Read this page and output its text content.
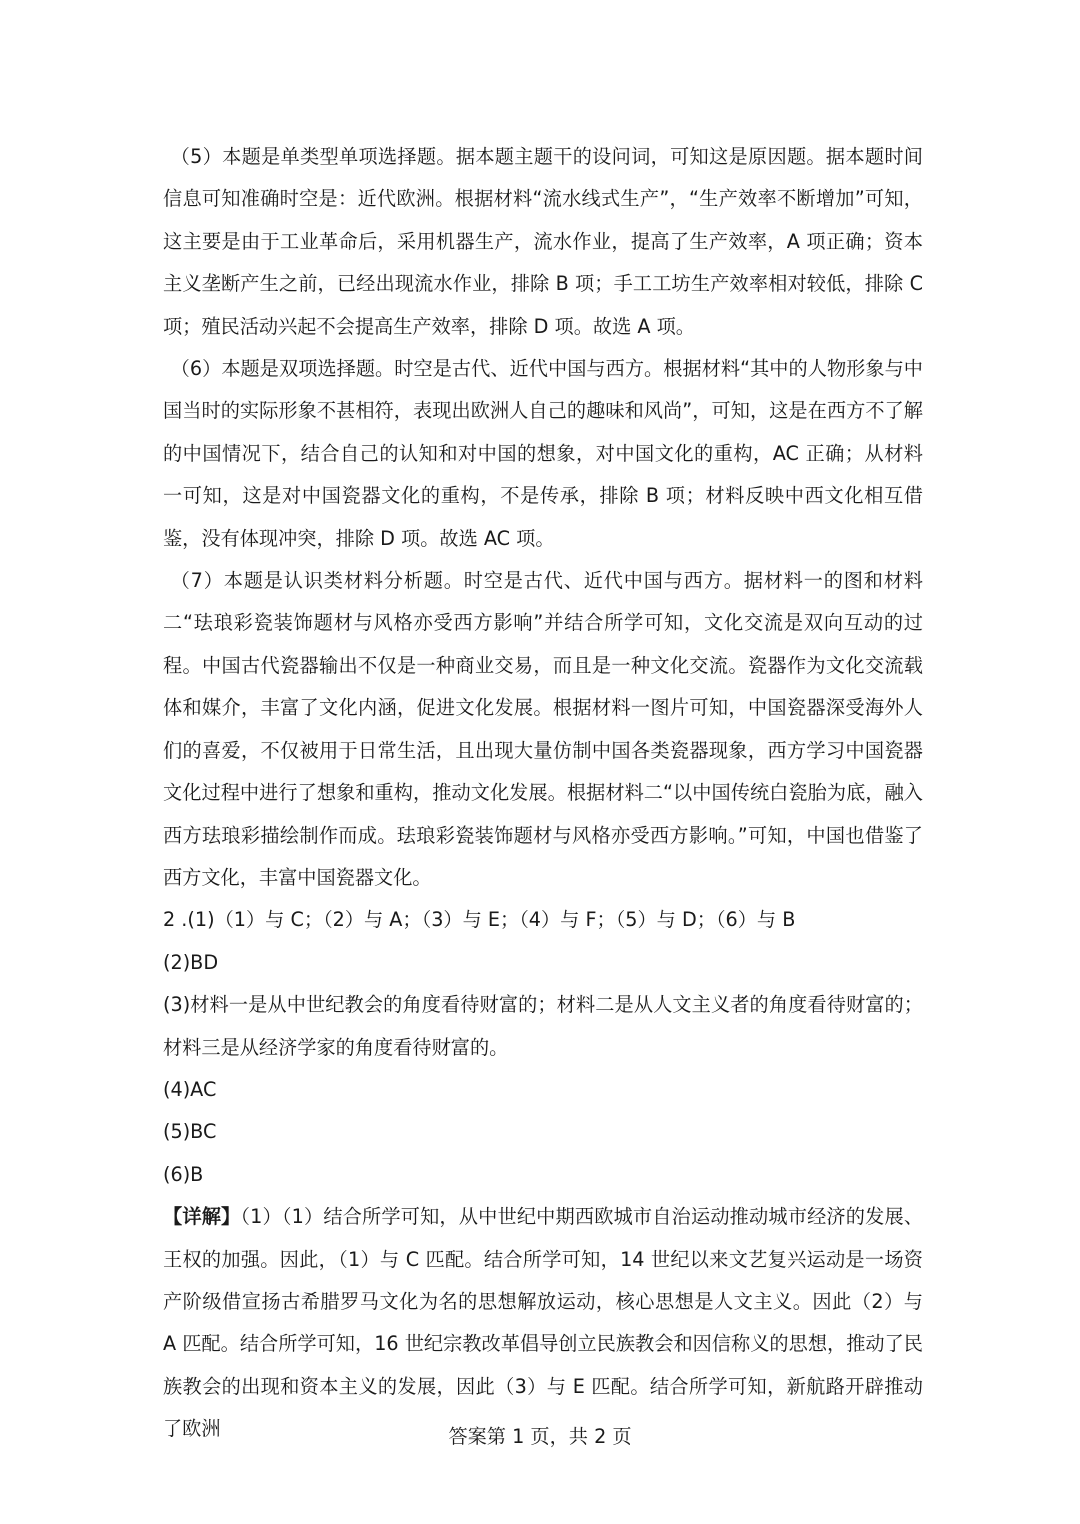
（5）本题是单类型单项选择题。据本题主题干的设问词，可知这是原因题。据本题时间信息可知准确时空是：近代欧洲。根据材料“流水线式生产”，“生产效率不断增加”可知，这主要是由于工业革命后，采用机器生产，流水作业，提高了生产效率，A 项正确；资本主义垄断产生之前，已经出现流水作业，排除 B 项；手工工坊生产效率相对较低，排除 C 项；殖民活动兴起不会提高生产效率，排除 D 项。故选 A 项。

（6）本题是双项选择题。时空是古代、近代中国与西方。根据材料“其中的人物形象与中国当时的实际形象不甚相符，表现出欧洲人自己的趣味和风尚”，可知，这是在西方不了解的中国情况下，结合自己的认知和对中国的想象，对中国文化的重构，AC 正确；从材料一可知，这是对中国瓷器文化的重构，不是传承，排除 B 项；材料反映中西文化相互借鉴，没有体现冲突，排除 D 项。故选 AC 项。

（7）本题是认识类材料分析题。时空是古代、近代中国与西方。据材料一的图和材料二“珐琅彩瓷装饰题材与风格亦受西方影响”并结合所学可知，文化交流是双向互动的过程。中国古代瓷器输出不仅是一种商业交易，而且是一种文化交流。瓷器作为文化交流载体和媒介，丰富了文化内涵，促进文化发展。根据材料一图片可知，中国瓷器深受海外人们的喜爱，不仅被用于日常生活，且出现大量仿制中国各类瓷器现象，西方学习中国瓷器文化过程中进行了想象和重构，推动文化发展。根据材料二“以中国传统白瓷胎为底，融入西方珐琅彩描绘制作而成。珐琅彩瓷装饰题材与风格亦受西方影响。”可知，中国也借鉴了西方文化，丰富中国瓷器文化。

2 .(1)（1）与 C；（2）与 A；（3）与 E；（4）与 F；（5）与 D；（6）与 B

(2)BD

(3)材料一是从中世纪教会的角度看待财富的；材料二是从人文主义者的角度看待财富的；材料三是从经济学家的角度看待财富的。

(4)AC

(5)BC

(6)B

【详解】（1）（1）结合所学可知，从中世纪中期西欧城市自治运动推动城市经济的发展、王权的加强。因此，（1）与 C 匹配。结合所学可知，14 世纪以来文艺复兴运动是一场资产阶级借宣扬古希腊罗马文化为名的思想解放运动，核心思想是人文主义。因此（2）与 A 匹配。结合所学可知，16 世纪宗教改革倡导创立民族教会和因信称义的思想，推动了民族教会的出现和资本主义的发展，因此（3）与 E 匹配。结合所学可知，新航路开辟推动了欧洲	答案第 1 页，共 2 页
